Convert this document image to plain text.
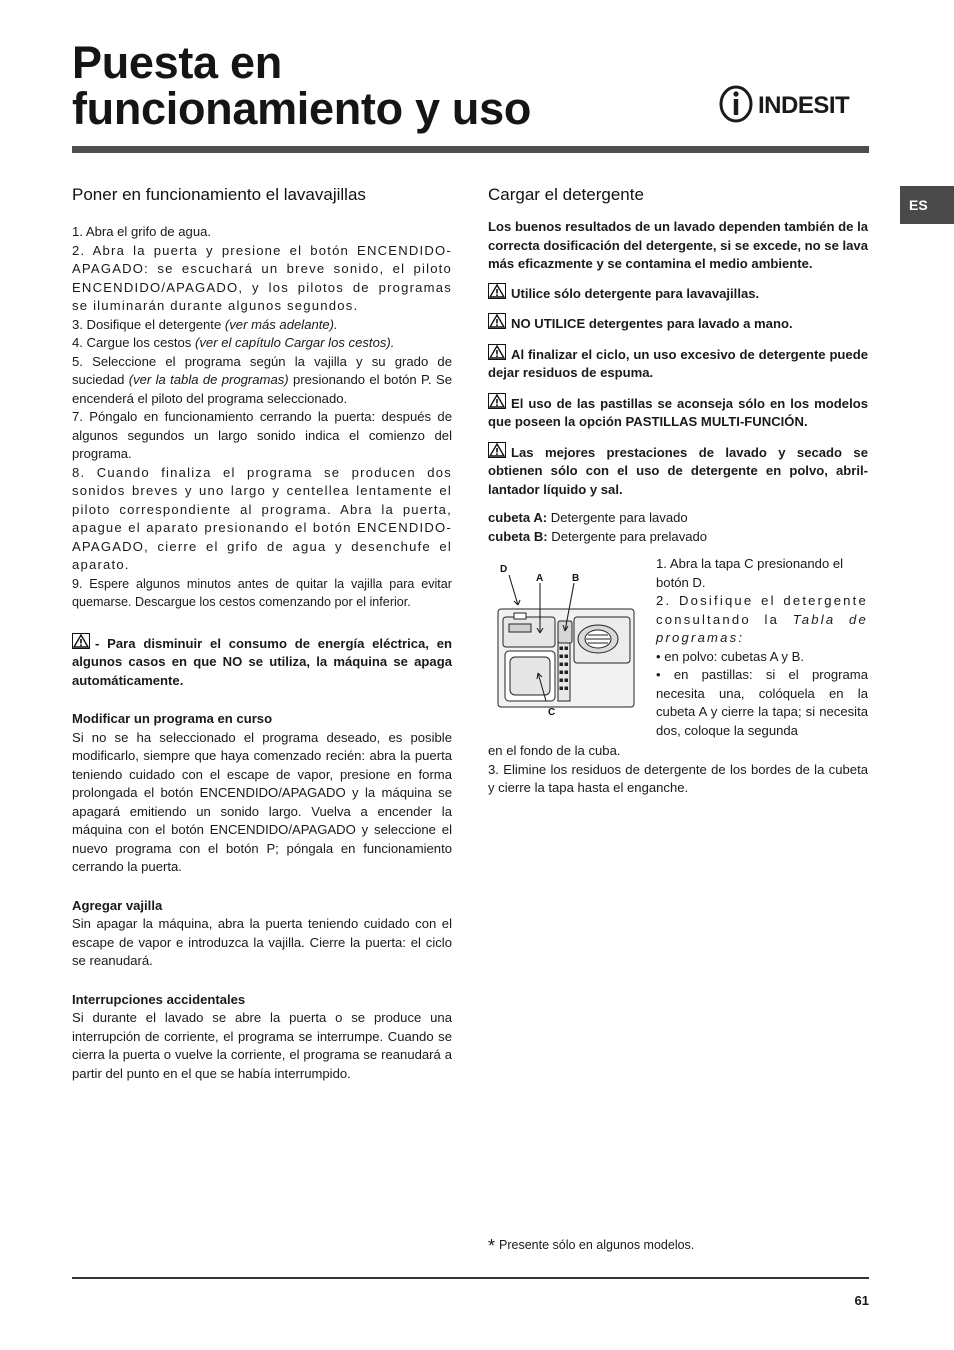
Puesta en
funcionamiento y uso	INDESIT
ES
Poner en funcionamiento el lavavajillas

1. Abra el grifo de agua.

2. Abra la puerta y presione el botón ENCENDIDO-APAGADO: se escuchará un breve sonido, el piloto ENCENDIDO/APAGADO, y los pilotos de programas se iluminarán durante algunos segundos.

3. Dosifique el detergente (ver más adelante).

4. Cargue los cestos (ver el capítulo Cargar los cestos).

5. Seleccione el programa según la vajilla y su grado de suciedad (ver la tabla de programas) presionando el botón P. Se encenderá el piloto del programa seleccionado.

7. Póngalo en funcionamiento cerrando la puerta: después de algunos segundos un largo sonido indica el comienzo del programa.

8. Cuando finaliza el programa se producen dos sonidos breves y uno largo y centellea lentamente el piloto correspondiente al programa. Abra la puerta, apague el aparato presionando el botón ENCENDIDO-APAGADO, cierre el grifo de agua y desenchufe el aparato.

9. Espere algunos minutos antes de quitar la vajilla para evitar quemarse. Descargue los cestos comenzando por el inferior.

- Para disminuir el consumo de energía eléctrica, en algunos casos en que NO se utiliza, la máquina se apaga automáticamente.

Modificar un programa en curso

Si no se ha seleccionado el programa deseado, es posible modificarlo, siempre que haya comenzado recién: abra la puerta teniendo cuidado con el escape de vapor, presione en forma prolongada el botón ENCENDIDO/APAGADO y la máquina se apagará emitiendo un sonido largo. Vuelva a encender la máquina con el botón ENCENDIDO/APAGADO y seleccione el nuevo programa con el botón P; póngala en funcionamiento cerrando la puerta.

Agregar vajilla

Sin apagar la máquina, abra la puerta teniendo cuidado con el escape de vapor e introduzca la vajilla. Cierre la puerta: el ciclo se reanudará.

Interrupciones accidentales

Si durante el lavado se abre la puerta o se produce una interrupción de corriente, el programa se interrumpe. Cuando se cierra la puerta o vuelve la corriente, el programa se reanudará a partir del punto en el que se había interrumpido.

Cargar el detergente

Los buenos resultados de un lavado dependen también de la correcta dosificación del detergente, si se excede, no se lava más eficazmente y se contamina el medio ambiente.

Utilice sólo detergente para lavavajillas.

NO UTILICE detergentes para lavado a mano.

Al finalizar el ciclo, un uso excesivo de detergente puede dejar residuos de espuma.

El uso de las pastillas se aconseja sólo en los modelos que poseen la opción PASTILLAS MULTI-FUNCIÓN.

Las mejores prestaciones de lavado y secado se obtienen sólo con el uso de detergente en polvo, abril-lantador líquido y sal.

cubeta A: Detergente para lavado

cubeta B: Detergente para prelavado

D
A	B
C

1. Abra la tapa C presionando el botón D.

2. Dosifique el detergente consultando la Tabla de programas:

• en polvo: cubetas A y B.

• en pastillas: si el programa necesita una, colóquela en la cubeta A y cierre la tapa; si necesita dos, coloque la segunda

en el fondo de la cuba.

3. Elimine los residuos de detergente de los bordes de la cubeta y cierre la tapa hasta el enganche.

* Presente sólo en algunos modelos.
61
